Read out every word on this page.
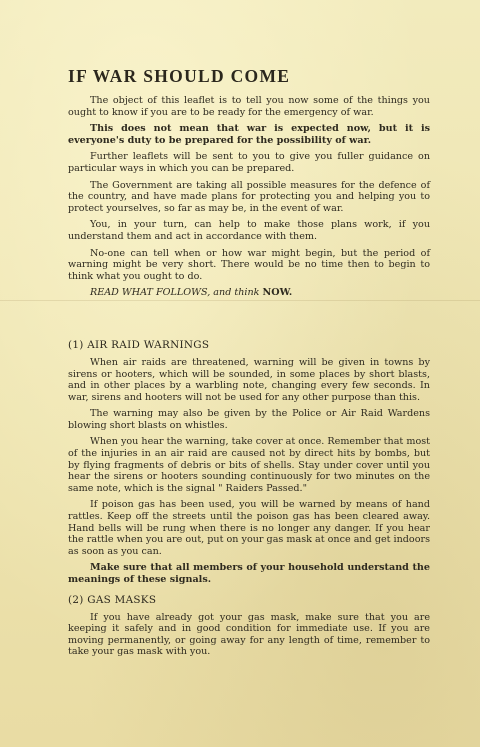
IF WAR SHOULD COME

The object of this leaflet is to tell you now some of the things you ought to know if you are to be ready for the emergency of war.

This does not mean that war is expected now, but it is everyone's duty to be prepared for the possibility of war.

Further leaflets will be sent to you to give you fuller guidance on particular ways in which you can be prepared.

The Government are taking all possible measures for the defence of the country, and have made plans for protecting you and helping you to protect yourselves, so far as may be, in the event of war.

You, in your turn, can help to make those plans work, if you understand them and act in accordance with them.

No-one can tell when or how war might begin, but the period of warning might be very short. There would be no time then to begin to think what you ought to do.

READ WHAT FOLLOWS, and think NOW.

(1) AIR RAID WARNINGS

When air raids are threatened, warning will be given in towns by sirens or hooters, which will be sounded, in some places by short blasts, and in other places by a warbling note, changing every few seconds. In war, sirens and hooters will not be used for any other purpose than this.

The warning may also be given by the Police or Air Raid Wardens blowing short blasts on whistles.

When you hear the warning, take cover at once. Remember that most of the injuries in an air raid are caused not by direct hits by bombs, but by flying fragments of debris or bits of shells. Stay under cover until you hear the sirens or hooters sounding continuously for two minutes on the same note, which is the signal " Raiders Passed."

If poison gas has been used, you will be warned by means of hand rattles. Keep off the streets until the poison gas has been cleared away. Hand bells will be rung when there is no longer any danger. If you hear the rattle when you are out, put on your gas mask at once and get indoors as soon as you can.

Make sure that all members of your household understand the meanings of these signals.

(2) GAS MASKS

If you have already got your gas mask, make sure that you are keeping it safely and in good condition for immediate use. If you are moving permanently, or going away for any length of time, remember to take your gas mask with you.
